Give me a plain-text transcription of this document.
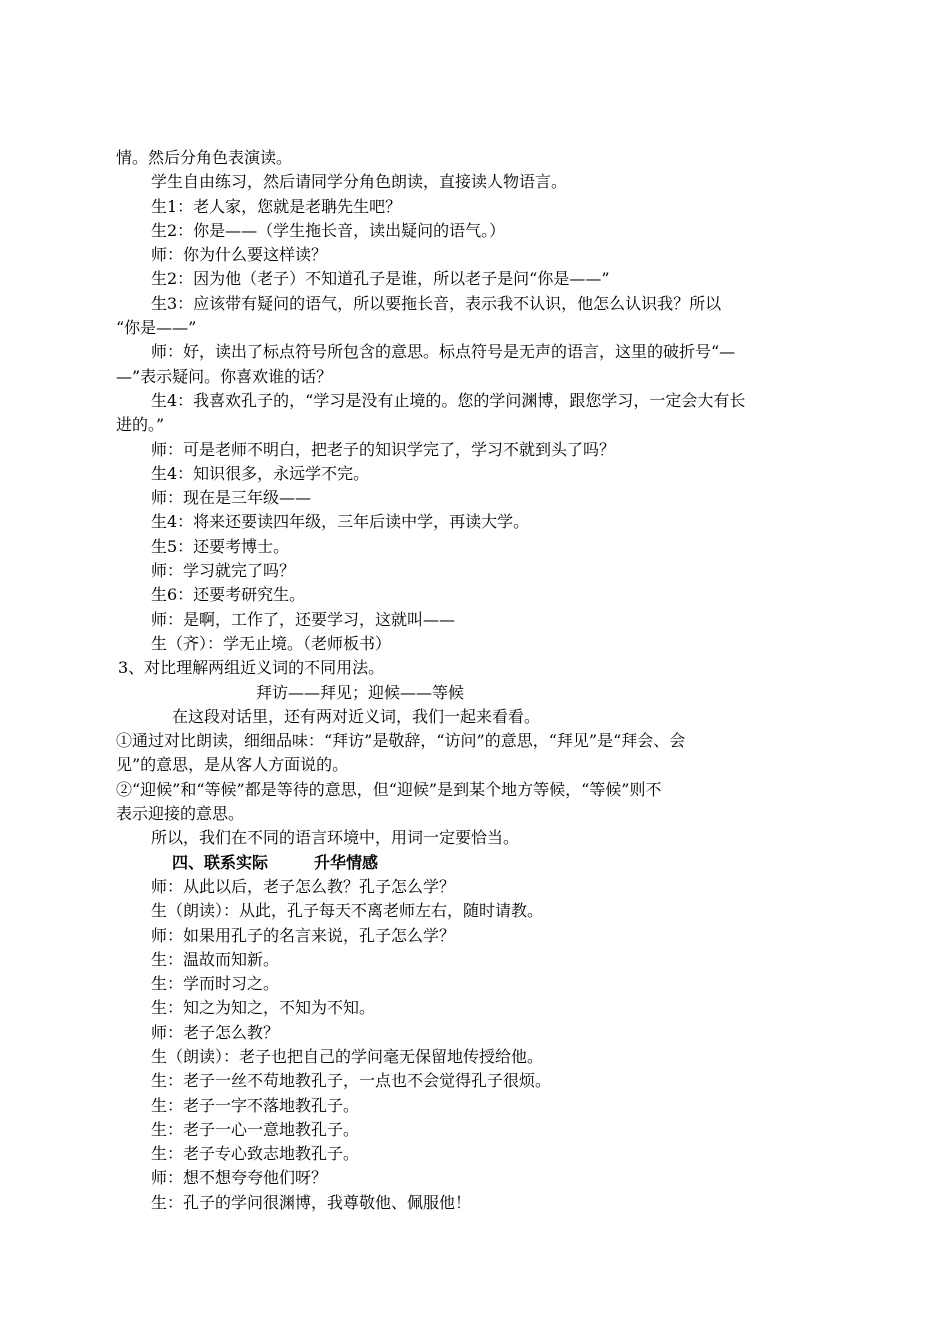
情。然后分角色表演读。
学生自由练习，然后请同学分角色朗读，直接读人物语言。
生1：老人家，您就是老聃先生吧？
生2：你是——（学生拖长音，读出疑问的语气。）
师：你为什么要这样读？
生2：因为他（老子）不知道孔子是谁，所以老子是问“你是——”
生3：应该带有疑问的语气，所以要拖长音，表示我不认识，他怎么认识我？所以
“你是——”
师：好，读出了标点符号所包含的意思。标点符号是无声的语言，这里的破折号“—
—”表示疑问。你喜欢谁的话？
生4：我喜欢孔子的，“学习是没有止境的。您的学问渊博，跟您学习，一定会大有长
进的。”
师：可是老师不明白，把老子的知识学完了，学习不就到头了吗？
生4：知识很多，永远学不完。
师：现在是三年级——
生4：将来还要读四年级，三年后读中学，再读大学。
生5：还要考博士。
师：学习就完了吗？
生6：还要考研究生。
师：是啊，工作了，还要学习，这就叫——
生（齐）：学无止境。（老师板书）
3、对比理解两组近义词的不同用法。
拜访——拜见；迎候——等候
在这段对话里，还有两对近义词，我们一起来看看。
①通过对比朗读，细细品味：“拜访”是敬辞，“访问”的意思，“拜见”是“拜会、会
见”的意思，是从客人方面说的。
②“迎候”和“等候”都是等待的意思，但“迎候”是到某个地方等候，“等候”则不
表示迎接的意思。
所以，我们在不同的语言环境中，用词一定要恰当。
四、联系实际	升华情感
师：从此以后，老子怎么教？孔子怎么学？
生（朗读）：从此，孔子每天不离老师左右，随时请教。
师：如果用孔子的名言来说，孔子怎么学？
生：温故而知新。
生：学而时习之。
生：知之为知之，不知为不知。
师：老子怎么教？
生（朗读）：老子也把自己的学问毫无保留地传授给他。
生：老子一丝不苟地教孔子，一点也不会觉得孔子很烦。
生：老子一字不落地教孔子。
生：老子一心一意地教孔子。
生：老子专心致志地教孔子。
师：想不想夸夸他们呀？
生：孔子的学问很渊博，我尊敬他、佩服他！
